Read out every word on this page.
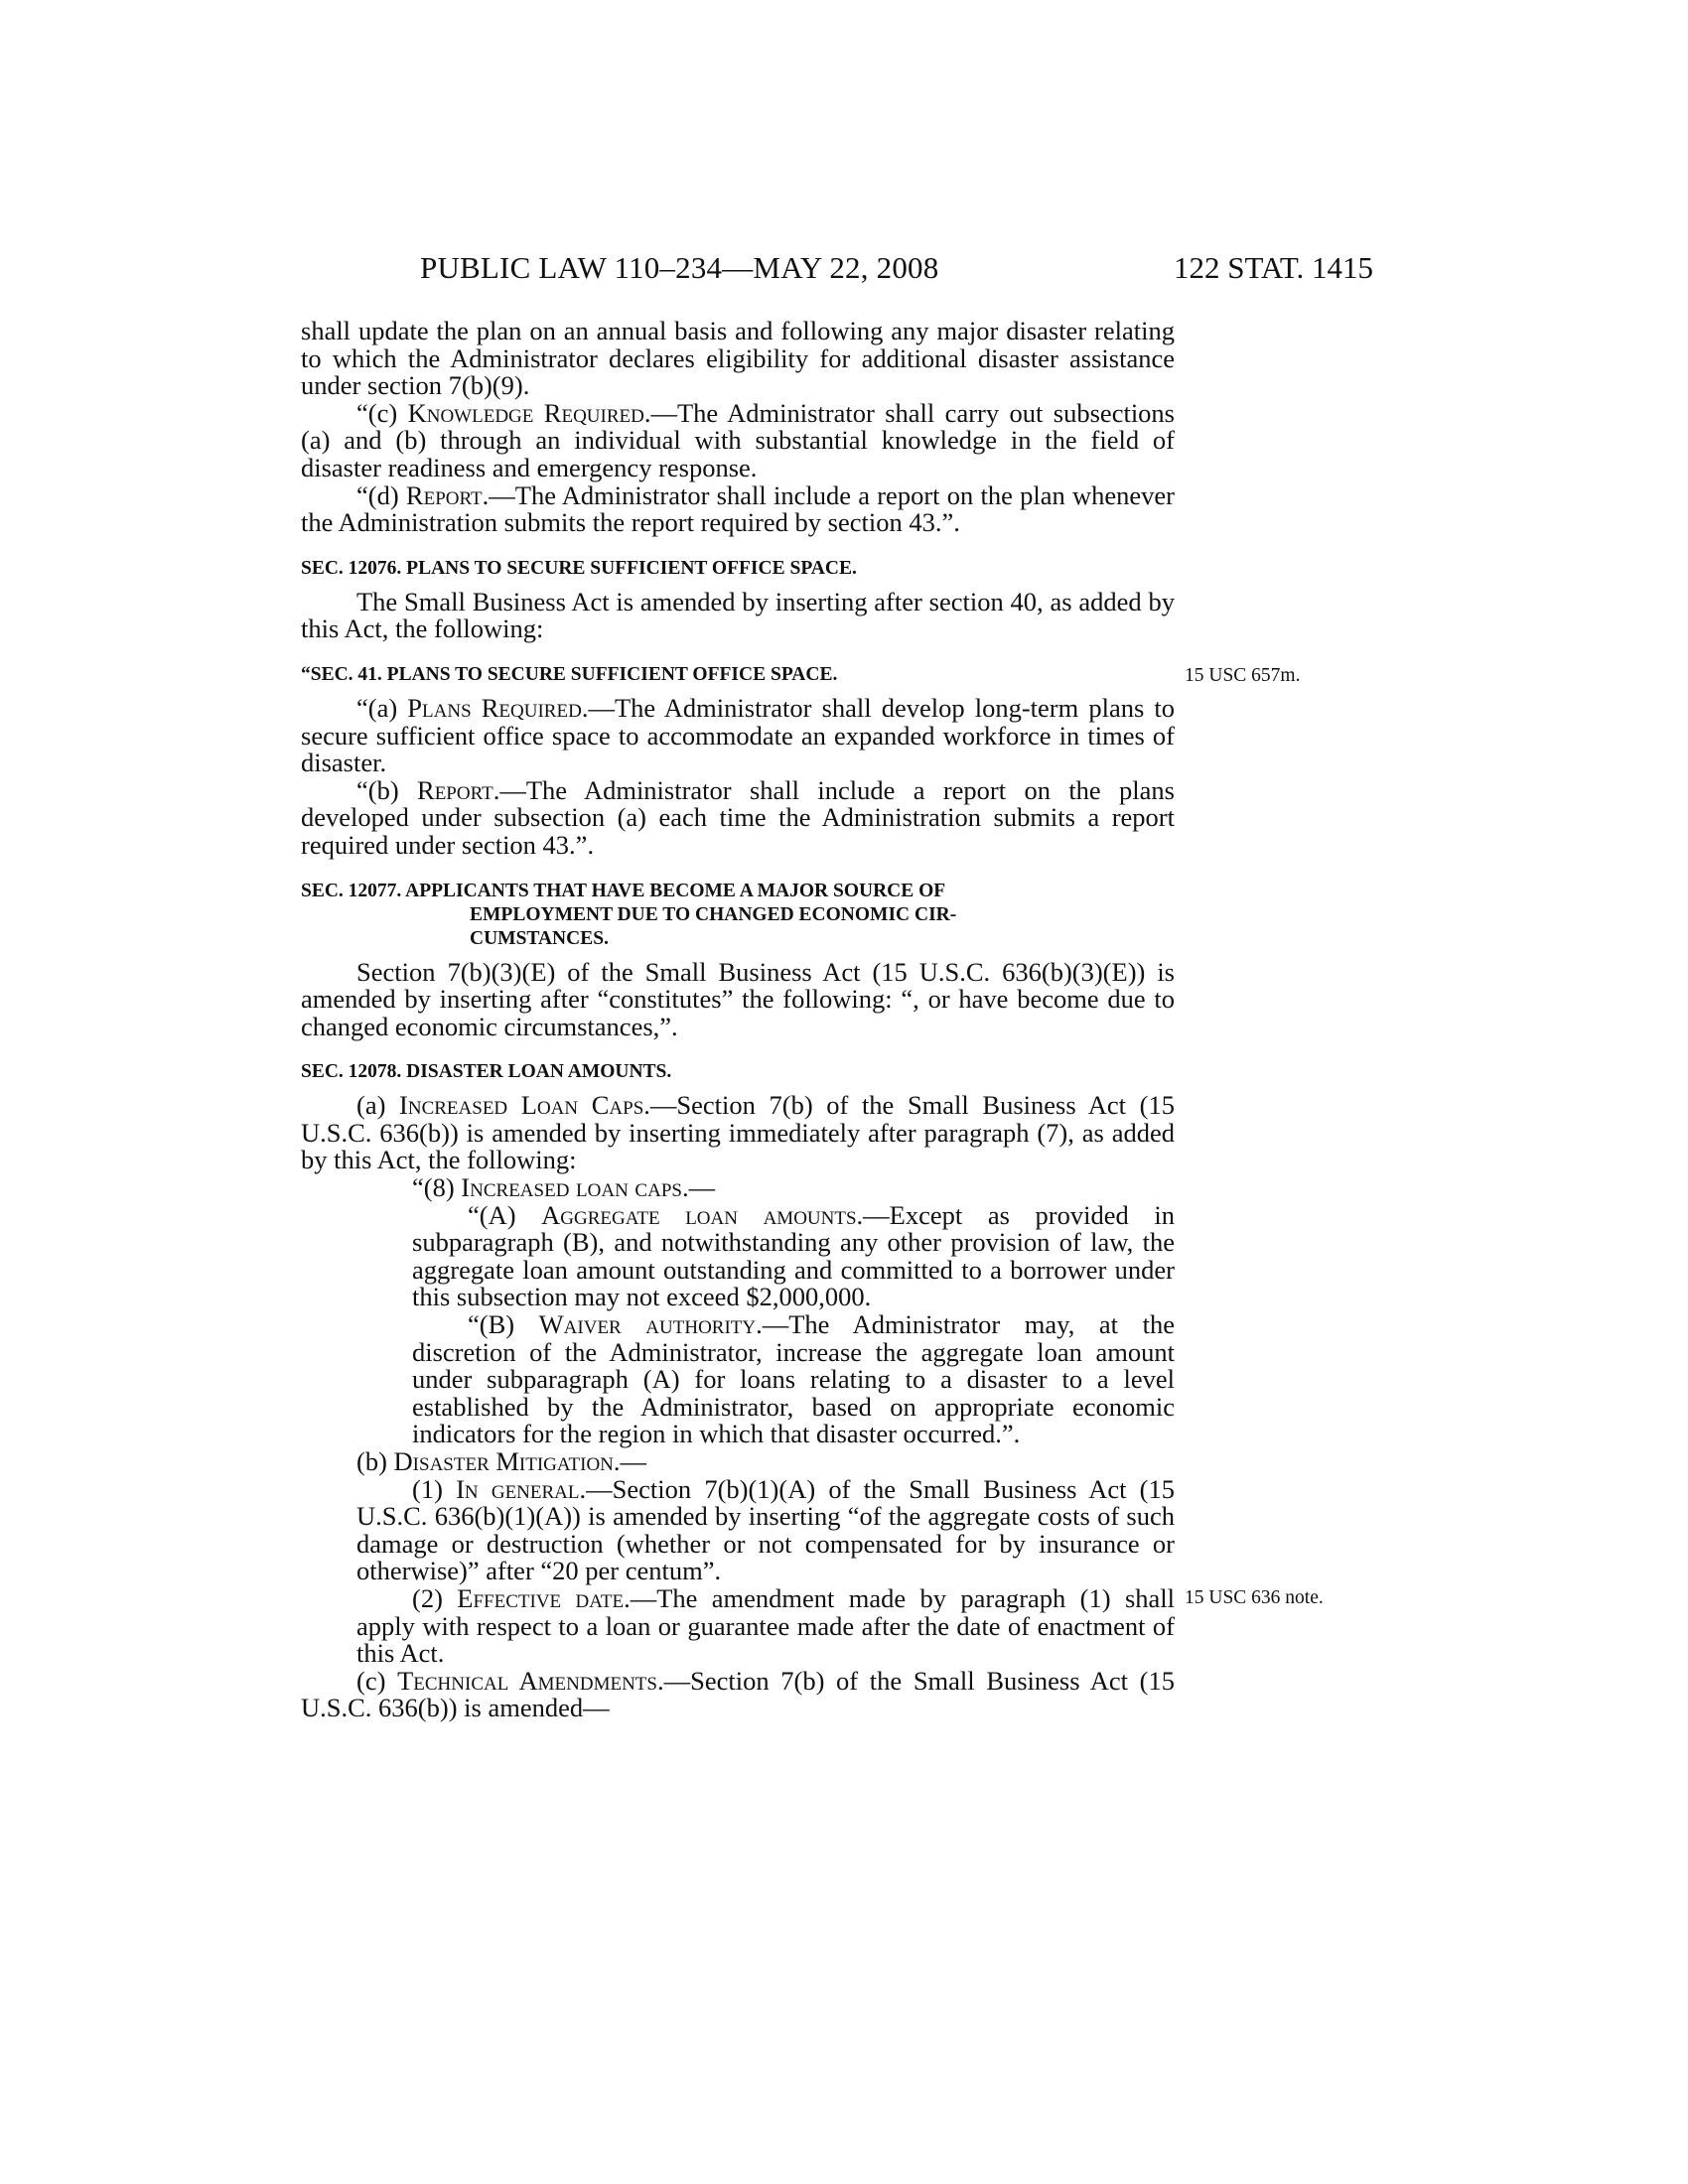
PUBLIC LAW 110–234—MAY 22, 2008	122 STAT. 1415

shall update the plan on an annual basis and following any major disaster relating to which the Administrator declares eligibility for additional disaster assistance under section 7(b)(9).

“(c) Knowledge Required.—The Administrator shall carry out subsections (a) and (b) through an individual with substantial knowledge in the field of disaster readiness and emergency response.

“(d) Report.—The Administrator shall include a report on the plan whenever the Administration submits the report required by section 43.”.

SEC. 12076. PLANS TO SECURE SUFFICIENT OFFICE SPACE.

The Small Business Act is amended by inserting after section 40, as added by this Act, the following:

“SEC. 41. PLANS TO SECURE SUFFICIENT OFFICE SPACE.	15 USC 657m.

“(a) Plans Required.—The Administrator shall develop long-term plans to secure sufficient office space to accommodate an expanded workforce in times of disaster.

“(b) Report.—The Administrator shall include a report on the plans developed under subsection (a) each time the Administration submits a report required under section 43.”.

SEC. 12077. APPLICANTS THAT HAVE BECOME A MAJOR SOURCE OF
EMPLOYMENT DUE TO CHANGED ECONOMIC CIR-
CUMSTANCES.

Section 7(b)(3)(E) of the Small Business Act (15 U.S.C. 636(b)(3)(E)) is amended by inserting after “constitutes” the following: “, or have become due to changed economic circumstances,”.

SEC. 12078. DISASTER LOAN AMOUNTS.

(a) Increased Loan Caps.—Section 7(b) of the Small Business Act (15 U.S.C. 636(b)) is amended by inserting immediately after paragraph (7), as added by this Act, the following:

“(8) Increased loan caps.—

“(A) Aggregate loan amounts.—Except as provided in subparagraph (B), and notwithstanding any other provision of law, the aggregate loan amount outstanding and committed to a borrower under this subsection may not exceed $2,000,000.

“(B) Waiver authority.—The Administrator may, at the discretion of the Administrator, increase the aggregate loan amount under subparagraph (A) for loans relating to a disaster to a level established by the Administrator, based on appropriate economic indicators for the region in which that disaster occurred.”.

(b) Disaster Mitigation.—

(1) In general.—Section 7(b)(1)(A) of the Small Business Act (15 U.S.C. 636(b)(1)(A)) is amended by inserting “of the aggregate costs of such damage or destruction (whether or not compensated for by insurance or otherwise)” after “20 per centum”.

(2) Effective date.—The amendment made by paragraph (1) shall apply with respect to a loan or guarantee made after the date of enactment of this Act.

15 USC 636 note.

(c) Technical Amendments.—Section 7(b) of the Small Business Act (15 U.S.C. 636(b)) is amended—
